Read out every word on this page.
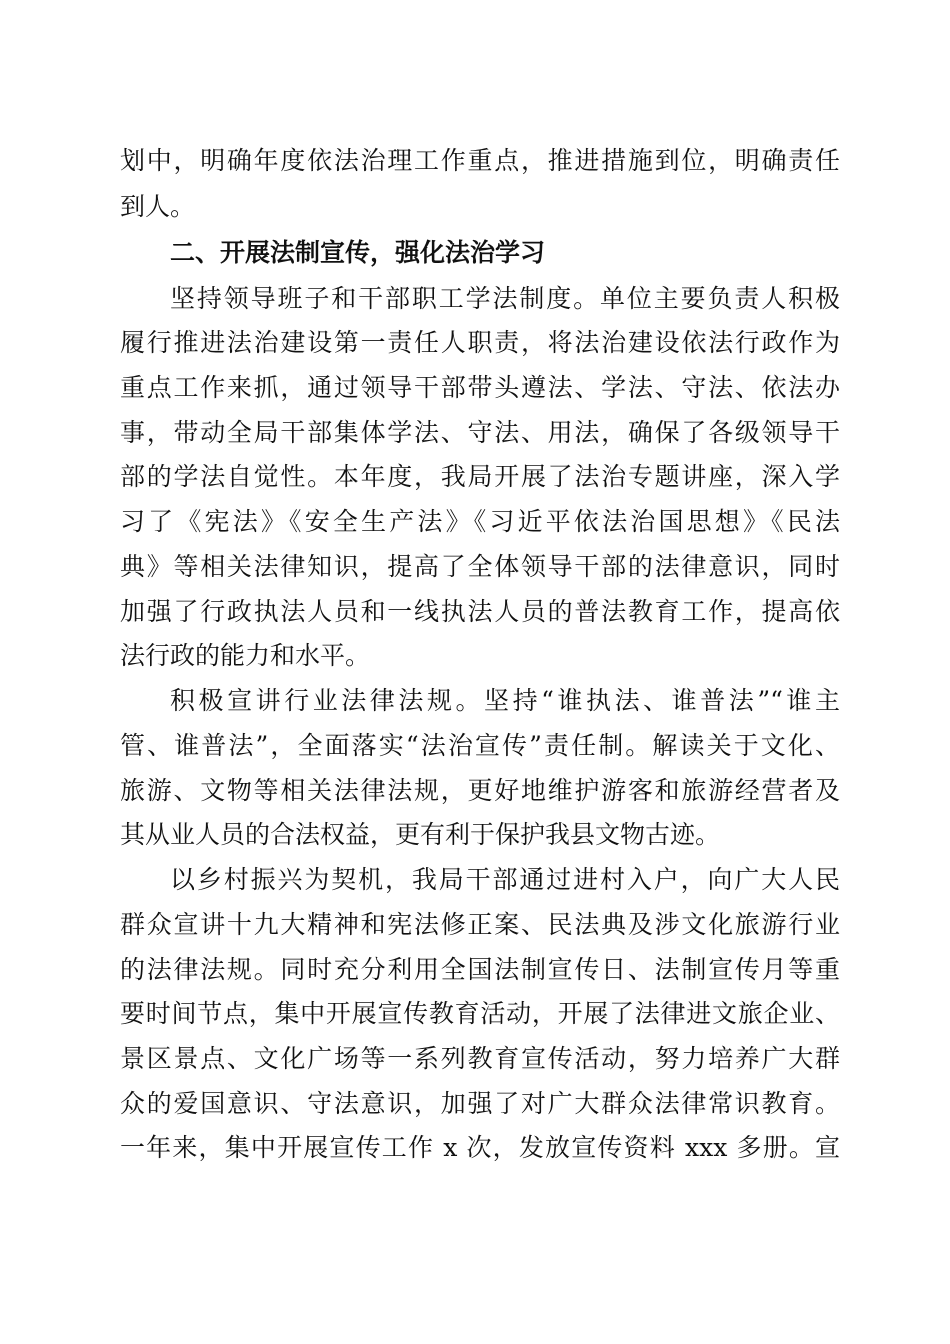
划中，明确年度依法治理工作重点，推进措施到位，明确责任
到人。
二、开展法制宣传，强化法治学习
坚持领导班子和干部职工学法制度。单位主要负责人积极
履行推进法治建设第一责任人职责，将法治建设依法行政作为
重点工作来抓，通过领导干部带头遵法、学法、守法、依法办
事，带动全局干部集体学法、守法、用法，确保了各级领导干
部的学法自觉性。本年度，我局开展了法治专题讲座，深入学
习了《宪法》《安全生产法》《习近平依法治国思想》《民法
典》等相关法律知识，提高了全体领导干部的法律意识，同时
加强了行政执法人员和一线执法人员的普法教育工作，提高依
法行政的能力和水平。
积极宣讲行业法律法规。坚持“谁执法、谁普法”“谁主
管、谁普法”，全面落实“法治宣传”责任制。解读关于文化、
旅游、文物等相关法律法规，更好地维护游客和旅游经营者及
其从业人员的合法权益，更有利于保护我县文物古迹。
以乡村振兴为契机，我局干部通过进村入户，向广大人民
群众宣讲十九大精神和宪法修正案、民法典及涉文化旅游行业
的法律法规。同时充分利用全国法制宣传日、法制宣传月等重
要时间节点，集中开展宣传教育活动，开展了法律进文旅企业、
景区景点、文化广场等一系列教育宣传活动，努力培养广大群
众的爱国意识、守法意识，加强了对广大群众法律常识教育。
一年来，集中开展宣传工作 x 次，发放宣传资料 xxx 多册。宣
